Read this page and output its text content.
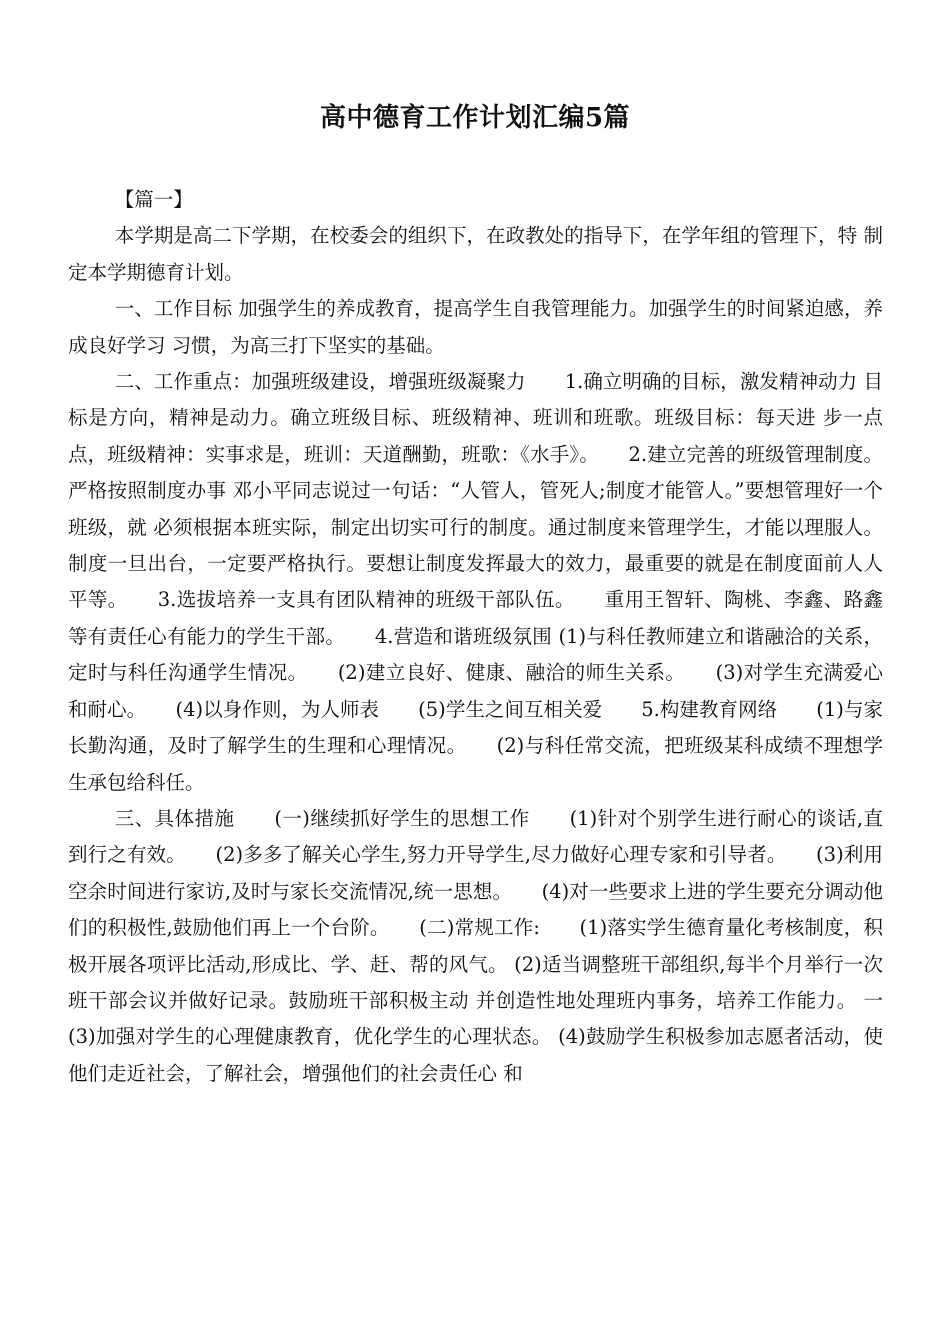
高中德育工作计划汇编5篇

【篇一】

本学期是高二下学期，在校委会的组织下，在政教处的指导下，在学年组的管理下，特 制定本学期德育计划。

一、工作目标 加强学生的养成教育，提高学生自我管理能力。加强学生的时间紧迫感，养成良好学习 习惯，为高三打下坚实的基础。

二、工作重点：加强班级建设，增强班级凝聚力　　1.确立明确的目标，激发精神动力 目标是方向，精神是动力。确立班级目标、班级精神、班训和班歌。班级目标：每天进 步一点点，班级精神：实事求是，班训：天道酬勤，班歌：《水手》。　　2.建立完善的班级管理制度。严格按照制度办事 邓小平同志说过一句话：“人管人，管死人;制度才能管人。”要想管理好一个班级，就 必须根据本班实际，制定出切实可行的制度。通过制度来管理学生，才能以理服人。 制度一旦出台，一定要严格执行。要想让制度发挥最大的效力，最重要的就是在制度面前人人平等。　　3.选拔培养一支具有团队精神的班级干部队伍。　　重用王智轩、陶桃、李鑫、路鑫等有责任心有能力的学生干部。　　4.营造和谐班级氛围 (1)与科任教师建立和谐融洽的关系，定时与科任沟通学生情况。　　(2)建立良好、健康、融洽的师生关系。　　(3)对学生充满爱心和耐心。　　(4)以身作则，为人师表　　(5)学生之间互相关爱　　5.构建教育网络　　(1)与家长勤沟通，及时了解学生的生理和心理情况。　　(2)与科任常交流，把班级某科成绩不理想学生承包给科任。

三、具体措施　　(一)继续抓好学生的思想工作　　(1)针对个别学生进行耐心的谈话,直到行之有效。　　(2)多多了解关心学生,努力开导学生,尽力做好心理专家和引导者。　　(3)利用空余时间进行家访,及时与家长交流情况,统一思想。　　(4)对一些要求上进的学生要充分调动他们的积极性,鼓励他们再上一个台阶。　　(二)常规工作:　　(1)落实学生德育量化考核制度，积极开展各项评比活动,形成比、学、赶、帮的风气。 (2)适当调整班干部组织,每半个月举行一次班干部会议并做好记录。鼓励班干部积极主动 并创造性地处理班内事务，培养工作能力。 一　(3)加强对学生的心理健康教育，优化学生的心理状态。 (4)鼓励学生积极参加志愿者活动，使他们走近社会，了解社会，增强他们的社会责任心 和
